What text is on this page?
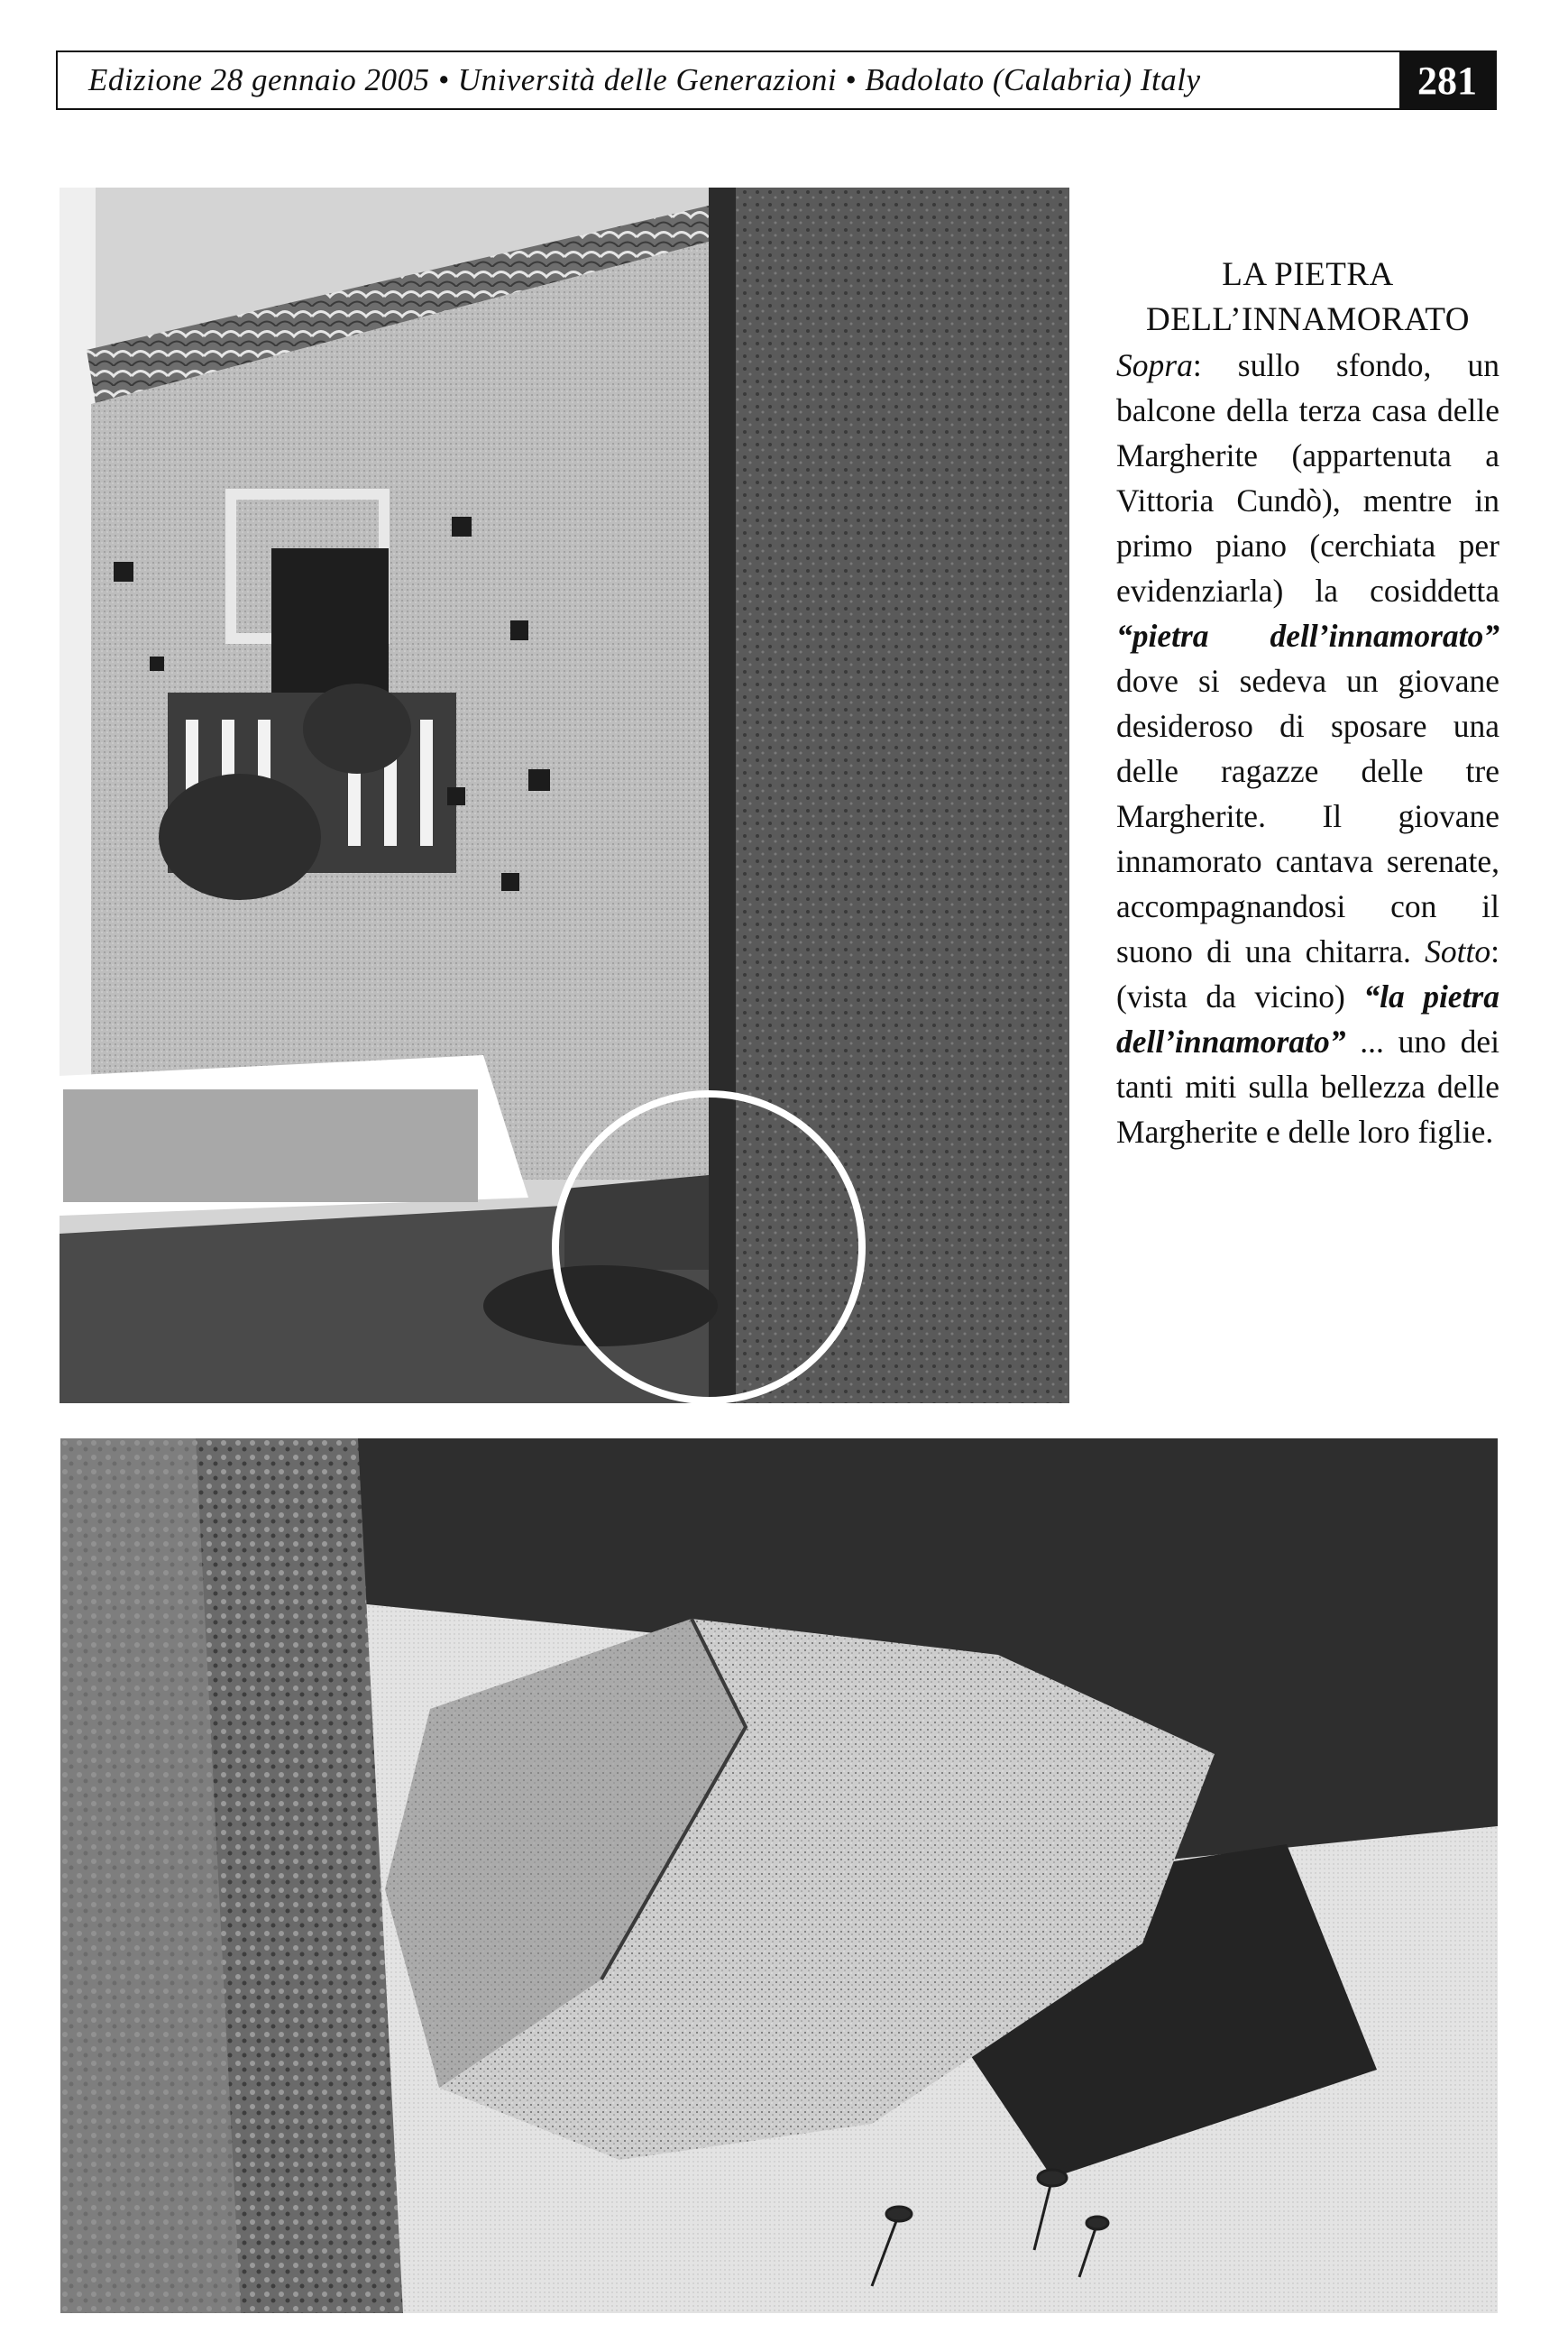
Edizione 28 gennaio 2005 • Università delle Generazioni • Badolato (Calabria) Italy	281
LA PIETRA
DELL’INNAMORATO

Sopra: sullo sfondo, un balcone della terza casa delle Margherite (appartenuta a Vittoria Cundò), mentre in primo piano (cerchiata per evidenziarla) la cosiddetta “pietra dell’innamorato” dove si sedeva un giovane desideroso di sposare una delle ragazze delle tre Margherite. Il giovane innamorato cantava serenate, accompagnandosi con il suono di una chitarra. Sotto: (vista da vicino) “la pietra dell’innamorato” ... uno dei tanti miti sulla bellezza delle Margherite e delle loro figlie.
